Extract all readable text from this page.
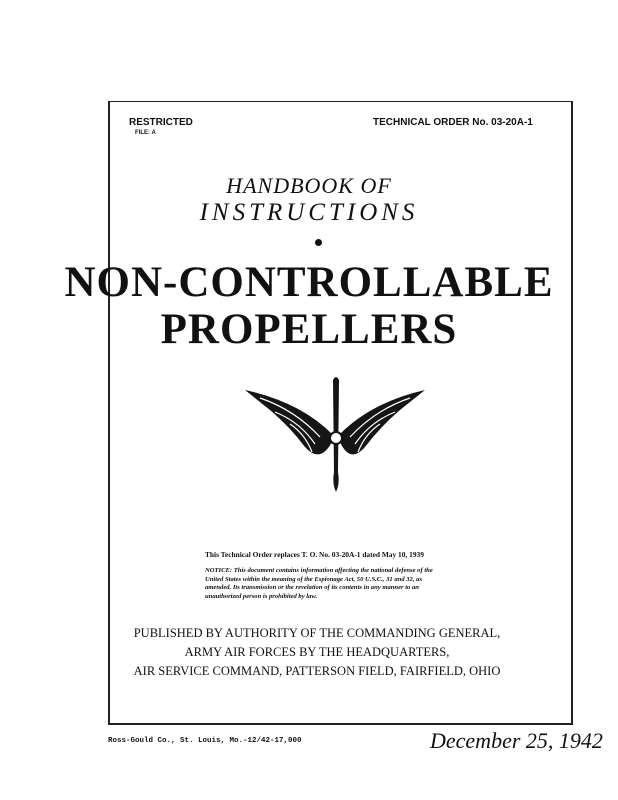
RESTRICTED
FILE: A
TECHNICAL ORDER No. 03-20A-1
HANDBOOK OF
INSTRUCTIONS
NON-CONTROLLABLE
PROPELLERS
This Technical Order replaces T. O. No. 03-20A-1 dated May 10, 1939
NOTICE: This document contains information affecting the national defense of the United States within the meaning of the Espionage Act, 50 U.S.C., 31 and 32, as amended. Its transmission or the revelation of its contents in any manner to an unauthorized person is prohibited by law.
PUBLISHED BY AUTHORITY OF THE COMMANDING GENERAL,
ARMY AIR FORCES BY THE HEADQUARTERS,
AIR SERVICE COMMAND, PATTERSON FIELD, FAIRFIELD, OHIO
Ross-Gould Co., St. Louis, Mo.-12/42-17,000	December 25, 1942
